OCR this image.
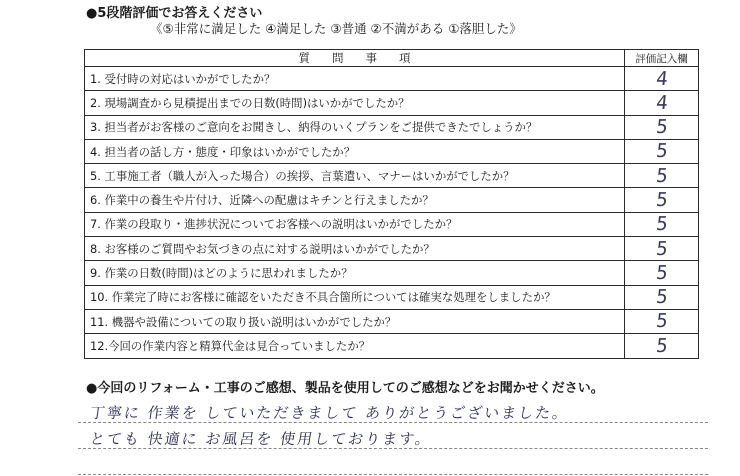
●5段階評価でお答えください
《⑤非常に満足した ④満足した ③普通 ②不満がある ①落胆した》
質問事項	評価記入欄
1. 受付時の対応はいかがでしたか？	4
2. 現場調査から見積提出までの日数(時間)はいかがでしたか？	4
3. 担当者がお客様のご意向をお聞きし、納得のいくプランをご提供できたでしょうか？	5
4. 担当者の話し方・態度・印象はいかがでしたか？	5
5. 工事施工者（職人が入った場合）の挨拶、言葉遣い、マナーはいかがでしたか？	5
6. 作業中の養生や片付け、近隣への配慮はキチンと行えましたか？	5
7. 作業の段取り・進捗状況についてお客様への説明はいかがでしたか？	5
8. お客様のご質問やお気づきの点に対する説明はいかがでしたか？	5
9. 作業の日数(時間)はどのように思われましたか？	5
10. 作業完了時にお客様に確認をいただき不具合箇所については確実な処理をしましたか？	5
11. 機器や設備についての取り扱い説明はいかがでしたか？	5
12.今回の作業内容と精算代金は見合っていましたか？	5
●今回のリフォーム・工事のご感想、製品を使用してのご感想などをお聞かせください。
丁寧に 作業を していただきまして ありがとうございました。
とても 快適に お風呂を 使用しております。
